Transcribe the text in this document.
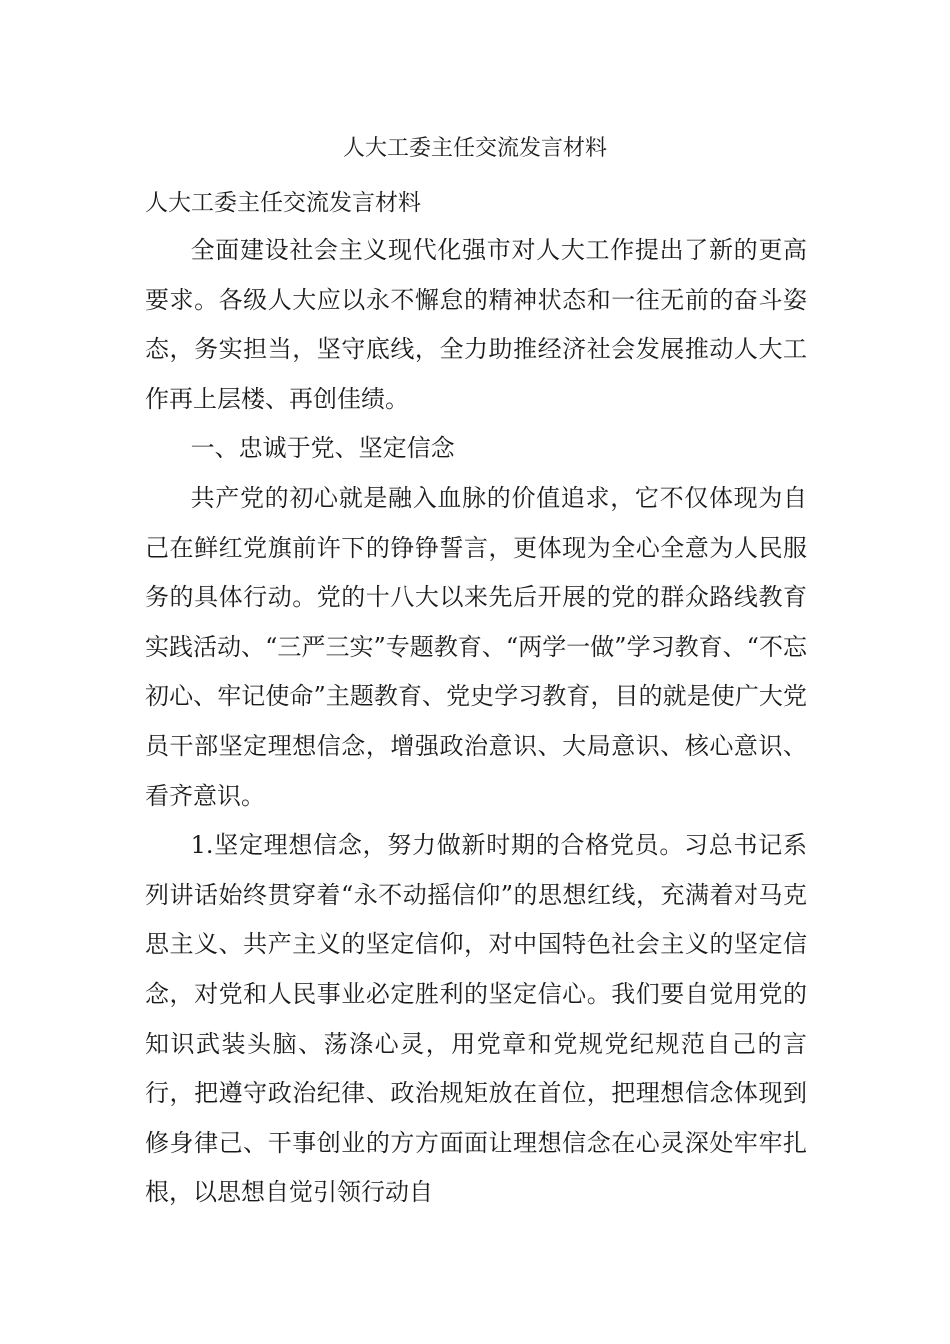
人大工委主任交流发言材料

人大工委主任交流发言材料

全面建设社会主义现代化强市对人大工作提出了新的更高要求。各级人大应以永不懈怠的精神状态和一往无前的奋斗姿态，务实担当，坚守底线，全力助推经济社会发展推动人大工作再上层楼、再创佳绩。

一、忠诚于党、坚定信念

共产党的初心就是融入血脉的价值追求，它不仅体现为自己在鲜红党旗前许下的铮铮誓言，更体现为全心全意为人民服务的具体行动。党的十八大以来先后开展的党的群众路线教育实践活动、“三严三实”专题教育、“两学一做”学习教育、“不忘初心、牢记使命”主题教育、党史学习教育，目的就是使广大党员干部坚定理想信念，增强政治意识、大局意识、核心意识、看齐意识。

1.坚定理想信念，努力做新时期的合格党员。习总书记系列讲话始终贯穿着“永不动摇信仰”的思想红线，充满着对马克思主义、共产主义的坚定信仰，对中国特色社会主义的坚定信念，对党和人民事业必定胜利的坚定信心。我们要自觉用党的知识武装头脑、荡涤心灵，用党章和党规党纪规范自己的言行，把遵守政治纪律、政治规矩放在首位，把理想信念体现到修身律己、干事创业的方方面面让理想信念在心灵深处牢牢扎根，以思想自觉引领行动自
